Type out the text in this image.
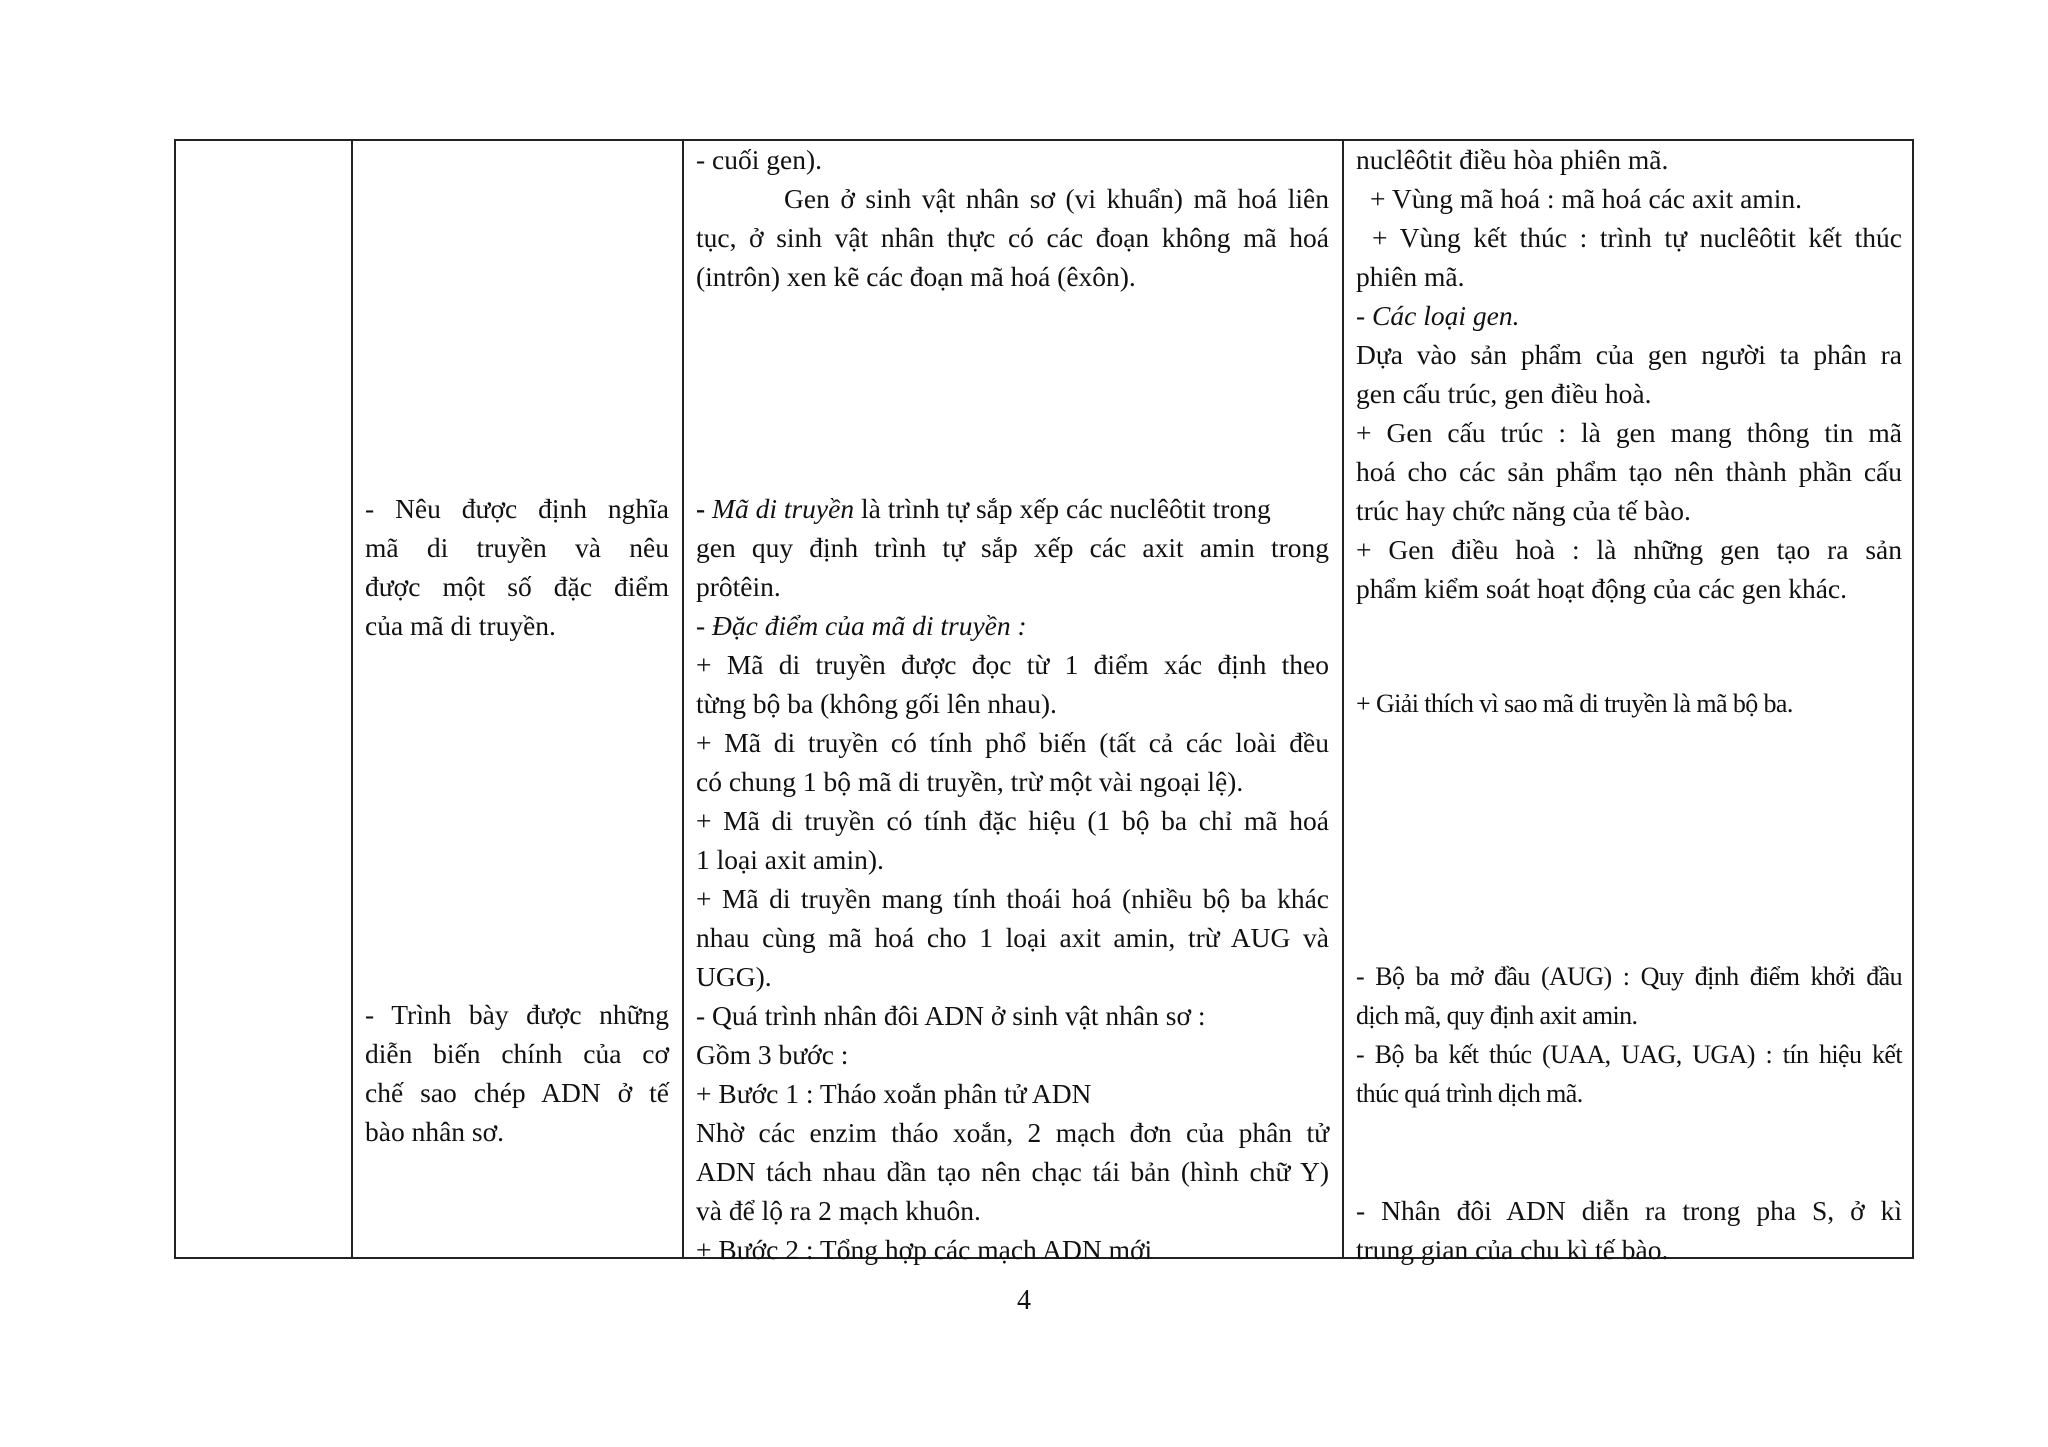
- Nêu được định nghĩa
mã di truyền và nêu
được một số đặc điểm
của mã di truyền.
- Trình bày được những
diễn biến chính của cơ
chế sao chép ADN ở tế
bào nhân sơ.
- cuối gen).
Gen ở sinh vật nhân sơ (vi khuẩn) mã hoá liên
tục, ở sinh vật nhân thực có các đoạn không mã hoá
(intrôn) xen kẽ các đoạn mã hoá (êxôn).
- Mã di truyền là trình tự sắp xếp các nuclêôtit trong
gen quy định trình tự sắp xếp các axit amin trong
prôtêin.
- Đặc điểm của mã di truyền :
+ Mã di truyền được đọc từ 1 điểm xác định theo
từng bộ ba (không gối lên nhau).
+ Mã di truyền có tính phổ biến (tất cả các loài đều
có chung 1 bộ mã di truyền, trừ một vài ngoại lệ).
+ Mã di truyền có tính đặc hiệu (1 bộ ba chỉ mã hoá
1 loại axit amin).
+ Mã di truyền mang tính thoái hoá (nhiều bộ ba khác
nhau cùng mã hoá cho 1 loại axit amin, trừ AUG và
UGG).
- Quá trình nhân đôi ADN ở sinh vật nhân sơ :
Gồm 3 bước :
+ Bước 1 : Tháo xoắn phân tử ADN
Nhờ các enzim tháo xoắn, 2 mạch đơn của phân tử
ADN tách nhau dần tạo nên chạc tái bản (hình chữ Y)
và để lộ ra 2 mạch khuôn.
+ Bước 2 : Tổng hợp các mạch ADN mới
nuclêôtit điều hòa phiên mã.
+ Vùng mã hoá : mã hoá các axit amin.
+ Vùng kết thúc : trình tự nuclêôtit kết thúc
phiên mã.
- Các loại gen.
Dựa vào sản phẩm của gen người ta phân ra
gen cấu trúc, gen điều hoà.
+ Gen cấu trúc : là gen mang thông tin mã
hoá cho các sản phẩm tạo nên thành phần cấu
trúc hay chức năng của tế bào.
+ Gen điều hoà : là những gen tạo ra sản
phẩm kiểm soát hoạt động của các gen khác.
+ Giải thích vì sao mã di truyền là mã bộ ba.
- Bộ ba mở đầu (AUG) : Quy định điểm khởi đầu
dịch mã, quy định axit amin.
- Bộ ba kết thúc (UAA, UAG, UGA) : tín hiệu kết
thúc quá trình dịch mã.
- Nhân đôi ADN diễn ra trong pha S, ở kì
trung gian của chu kì tế bào.
4
